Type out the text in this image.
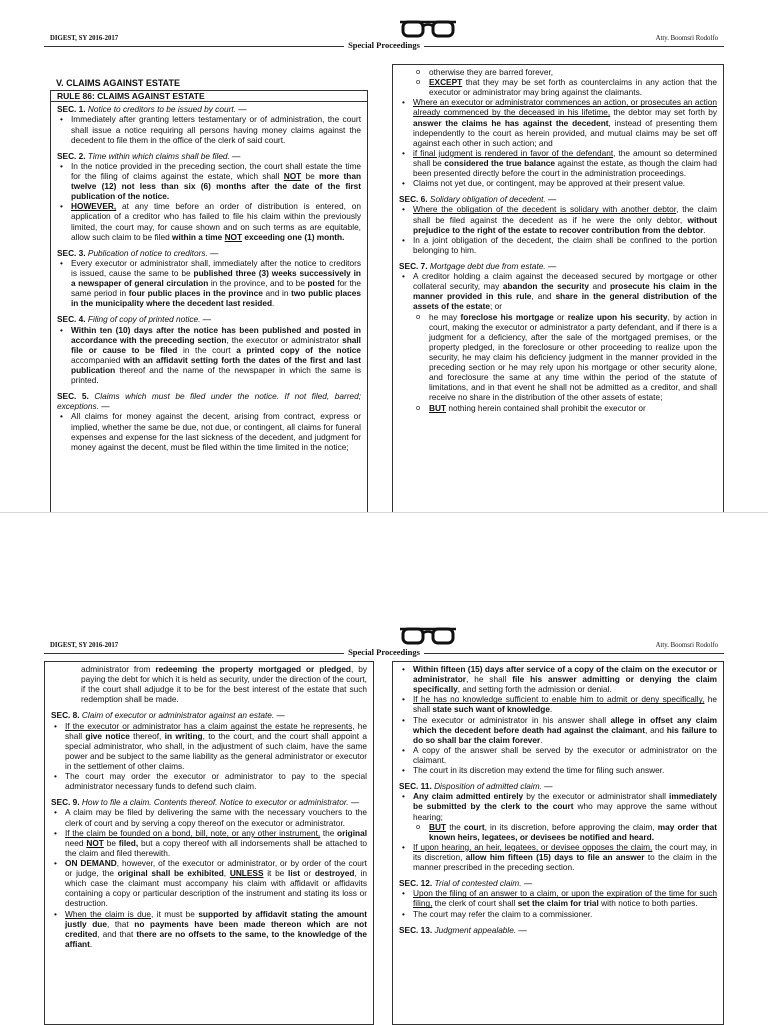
DIGEST, SY 2016-2017
Special Proceedings
Atty. Boomsri Rodolfo
V. CLAIMS AGAINST ESTATE
RULE 86: CLAIMS AGAINST ESTATE
SEC. 1. Notice to creditors to be issued by court. —
• Immediately after granting letters testamentary or of administration, the court shall issue a notice requiring all persons having money claims against the decedent to file them in the office of the clerk of said court.
SEC. 2. Time within which claims shall be filed. —
• In the notice provided in the preceding section, the court shall estate the time for the filing of claims against the estate, which shall NOT be more than twelve (12) not less than six (6) months after the date of the first publication of the notice.
• HOWEVER, at any time before an order of distribution is entered, on application of a creditor who has failed to file his claim within the previously limited, the court may, for cause shown and on such terms as are equitable, allow such claim to be filed within a time NOT exceeding one (1) month.
SEC. 3. Publication of notice to creditors. —
• Every executor or administrator shall, immediately after the notice to creditors is issued, cause the same to be published three (3) weeks successively in a newspaper of general circulation in the province, and to be posted for the same period in four public places in the province and in two public places in the municipality where the decedent last resided.
SEC. 4. Filing of copy of printed notice. —
• Within ten (10) days after the notice has been published and posted in accordance with the preceding section, the executor or administrator shall file or cause to be filed in the court a printed copy of the notice accompanied with an affidavit setting forth the dates of the first and last publication thereof and the name of the newspaper in which the same is printed.
SEC. 5. Claims which must be filed under the notice. If not filed, barred; exceptions. —
• All claims for money against the decent, arising from contract, express or implied, whether the same be due, not due, or contingent, all claims for funeral expenses and expense for the last sickness of the decedent, and judgment for money against the decent, must be filed within the time limited in the notice;
o otherwise they are barred forever,
o EXCEPT that they may be set forth as counterclaims in any action that the executor or administrator may bring against the claimants.
• Where an executor or administrator commences an action, or prosecutes an action already commenced by the deceased in his lifetime, the debtor may set forth by answer the claims he has against the decedent, instead of presenting them independently to the court as herein provided, and mutual claims may be set off against each other in such action; and
• if final judgment is rendered in favor of the defendant, the amount so determined shall be considered the true balance against the estate, as though the claim had been presented directly before the court in the administration proceedings.
• Claims not yet due, or contingent, may be approved at their present value.
SEC. 6. Solidary obligation of decedent. —
• Where the obligation of the decedent is solidary with another debtor, the claim shall be filed against the decedent as if he were the only debtor, without prejudice to the right of the estate to recover contribution from the debtor.
• In a joint obligation of the decedent, the claim shall be confined to the portion belonging to him.
SEC. 7. Mortgage debt due from estate. —
• A creditor holding a claim against the deceased secured by mortgage or other collateral security, may abandon the security and prosecute his claim in the manner provided in this rule, and share in the general distribution of the assets of the estate; or
o he may foreclose his mortgage or realize upon his security, by action in court, making the executor or administrator a party defendant, and if there is a judgment for a deficiency, after the sale of the mortgaged premises, or the property pledged, in the foreclosure or other proceeding to realize upon the security, he may claim his deficiency judgment in the manner provided in the preceding section or he may rely upon his mortgage or other security alone, and foreclosure the same at any time within the period of the statute of limitations, and in that event he shall not be admitted as a creditor, and shall receive no share in the distribution of the other assets of estate;
o BUT nothing herein contained shall prohibit the executor or
DIGEST, SY 2016-2017
Special Proceedings
Atty. Boomsri Rodolfo
administrator from redeeming the property mortgaged or pledged, by paying the debt for which it is held as security, under the direction of the court, if the court shall adjudge it to be for the best interest of the estate that such redemption shall be made.
SEC. 8. Claim of executor or administrator against an estate. —
• If the executor or administrator has a claim against the estate he represents, he shall give notice thereof, in writing, to the court, and the court shall appoint a special administrator, who shall, in the adjustment of such claim, have the same power and be subject to the same liability as the general administrator or executor in the settlement of other claims.
• The court may order the executor or administrator to pay to the special administrator necessary funds to defend such claim.
SEC. 9. How to file a claim. Contents thereof. Notice to executor or administrator. —
• A claim may be filed by delivering the same with the necessary vouchers to the clerk of court and by serving a copy thereof on the executor or administrator.
• If the claim be founded on a bond, bill, note, or any other instrument, the original need NOT be filed, but a copy thereof with all indorsements shall be attached to the claim and filed therewith.
• ON DEMAND, however, of the executor or administrator, or by order of the court or judge, the original shall be exhibited, UNLESS it be list or destroyed, in which case the claimant must accompany his claim with affidavit or affidavits containing a copy or particular description of the instrument and stating its loss or destruction.
• When the claim is due, it must be supported by affidavit stating the amount justly due, that no payments have been made thereon which are not credited, and that there are no offsets to the same, to the knowledge of the affiant.
• Within fifteen (15) days after service of a copy of the claim on the executor or administrator, he shall file his answer admitting or denying the claim specifically, and setting forth the admission or denial.
• If he has no knowledge sufficient to enable him to admit or deny specifically, he shall state such want of knowledge.
• The executor or administrator in his answer shall allege in offset any claim which the decedent before death had against the claimant, and his failure to do so shall bar the claim forever.
• A copy of the answer shall be served by the executor or administrator on the claimant.
• The court in its discretion may extend the time for filing such answer.
SEC. 11. Disposition of admitted claim. —
• Any claim admitted entirely by the executor or administrator shall immediately be submitted by the clerk to the court who may approve the same without hearing;
o BUT the court, in its discretion, before approving the claim, may order that known heirs, legatees, or devisees be notified and heard.
• If upon hearing, an heir, legatees, or devisee opposes the claim, the court may, in its discretion, allow him fifteen (15) days to file an answer to the claim in the manner prescribed in the preceding section.
SEC. 12. Trial of contested claim. —
• Upon the filing of an answer to a claim, or upon the expiration of the time for such filing, the clerk of court shall set the claim for trial with notice to both parties.
• The court may refer the claim to a commissioner.
SEC. 13. Judgment appealable. —
